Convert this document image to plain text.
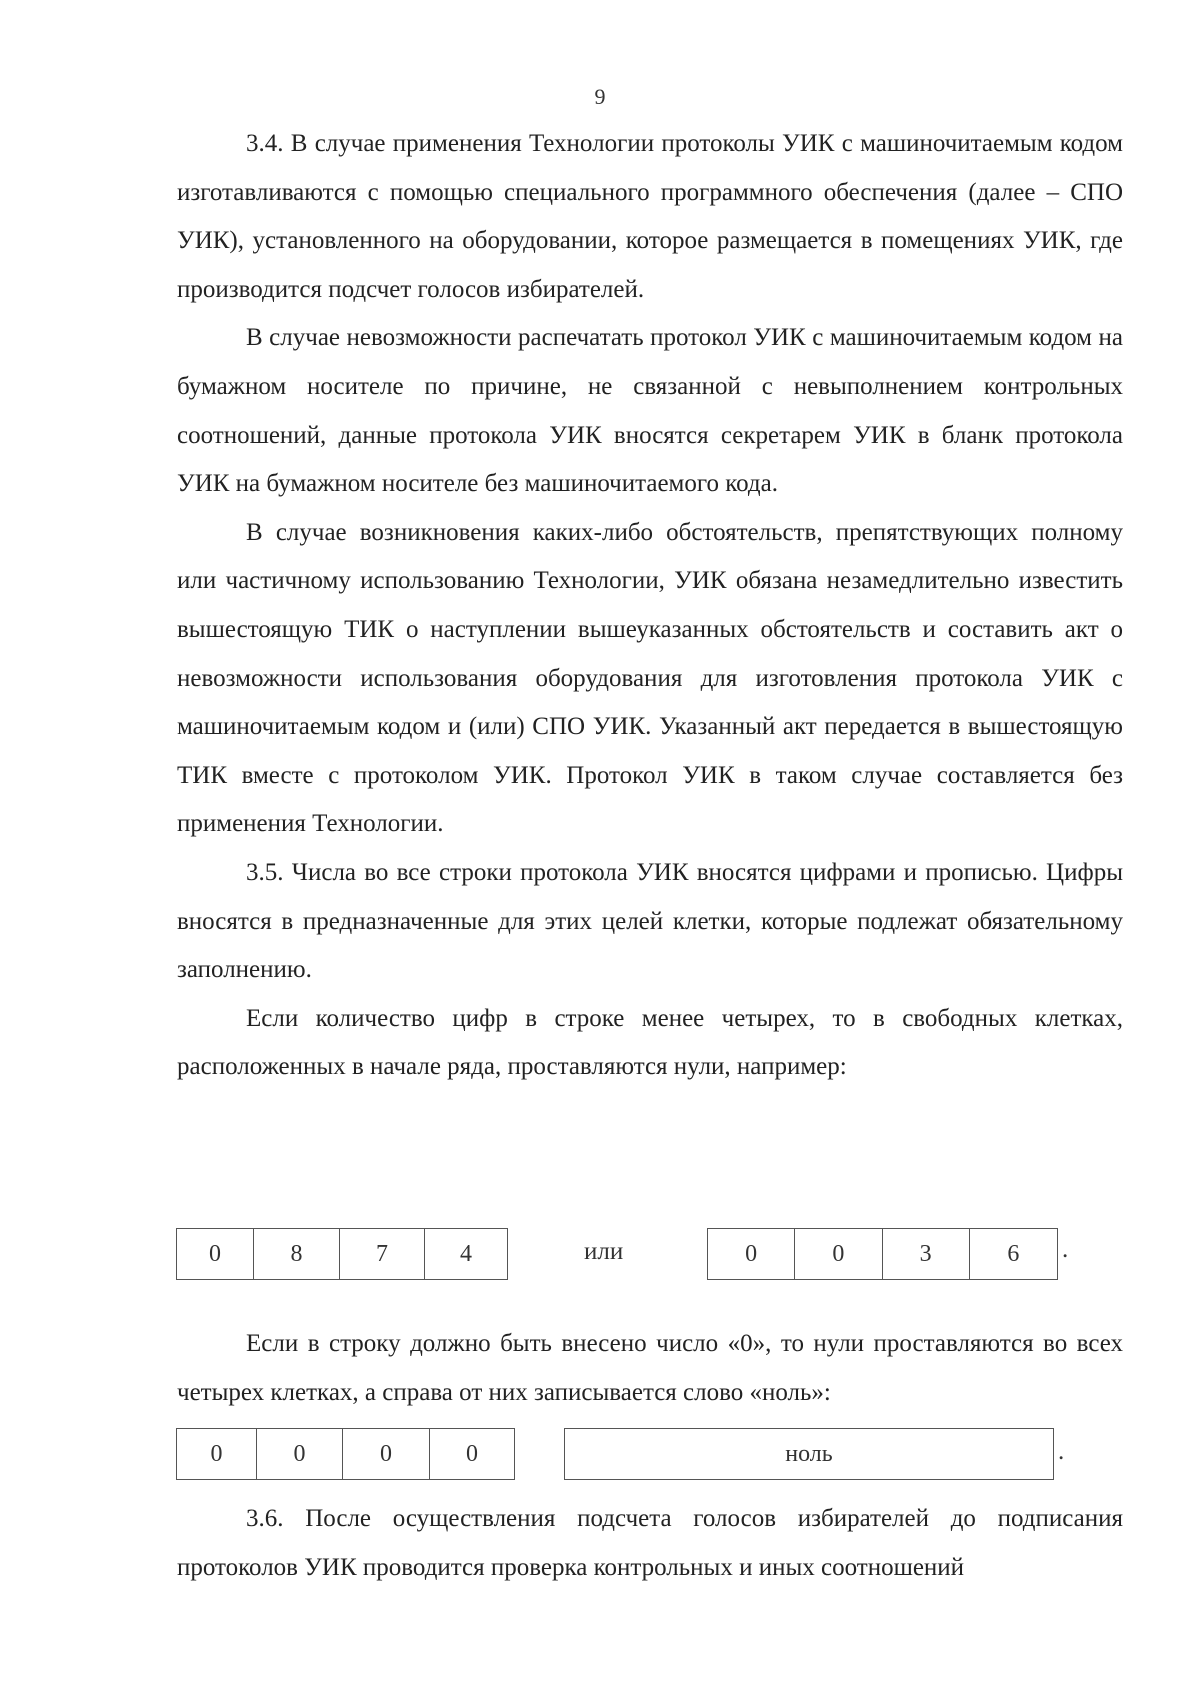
9

3.4. В случае применения Технологии протоколы УИК с машиночитаемым кодом изготавливаются с помощью специального программного обеспечения (далее – СПО УИК), установленного на оборудовании, которое размещается в помещениях УИК, где производится подсчет голосов избирателей.

В случае невозможности распечатать протокол УИК с машиночитаемым кодом на бумажном носителе по причине, не связанной с невыполнением контрольных соотношений, данные протокола УИК вносятся секретарем УИК в бланк протокола УИК на бумажном носителе без машиночитаемого кода.

В случае возникновения каких-либо обстоятельств, препятствующих полному или частичному использованию Технологии, УИК обязана незамедлительно известить вышестоящую ТИК о наступлении вышеуказанных обстоятельств и составить акт о невозможности использования оборудования для изготовления протокола УИК с машиночитаемым кодом и (или) СПО УИК. Указанный акт передается в вышестоящую ТИК вместе с протоколом УИК. Протокол УИК в таком случае составляется без применения Технологии.

3.5. Числа во все строки протокола УИК вносятся цифрами и прописью. Цифры вносятся в предназначенные для этих целей клетки, которые подлежат обязательному заполнению.

Если количество цифр в строке менее четырех, то в свободных клетках, расположенных в начале ряда, проставляются нули, например:

0	8	7	4	или	0	0	3	6	.

Если в строку должно быть внесено число «0», то нули проставляются во всех четырех клетках, а справа от них записывается слово «ноль»:

0	0	0	0	ноль	.

3.6. После осуществления подсчета голосов избирателей до подписания протоколов УИК проводится проверка контрольных и иных соотношений
